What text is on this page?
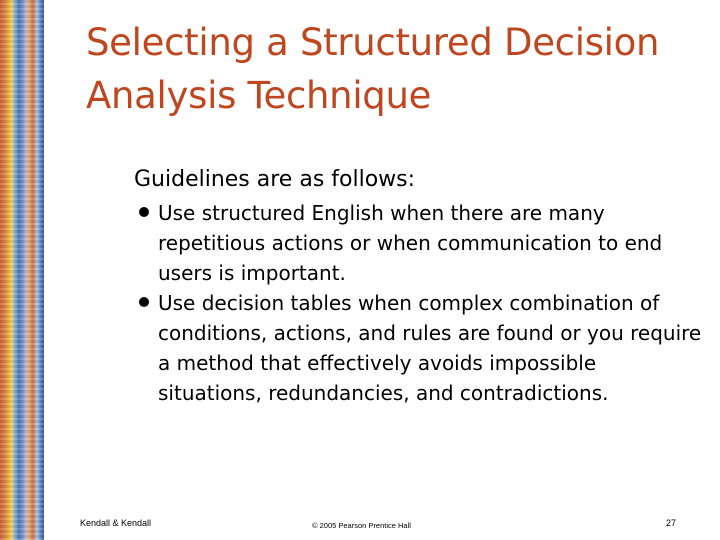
Selecting a Structured Decision
Analysis Technique

Guidelines are as follows:

Use structured English when there are many repetitious actions or when communication to end users is important.
Use decision tables when complex combination of conditions, actions, and rules are found or you require a method that effectively avoids impossible situations, redundancies, and contradictions.
Kendall & Kendall	© 2005 Pearson Prentice Hall	27
